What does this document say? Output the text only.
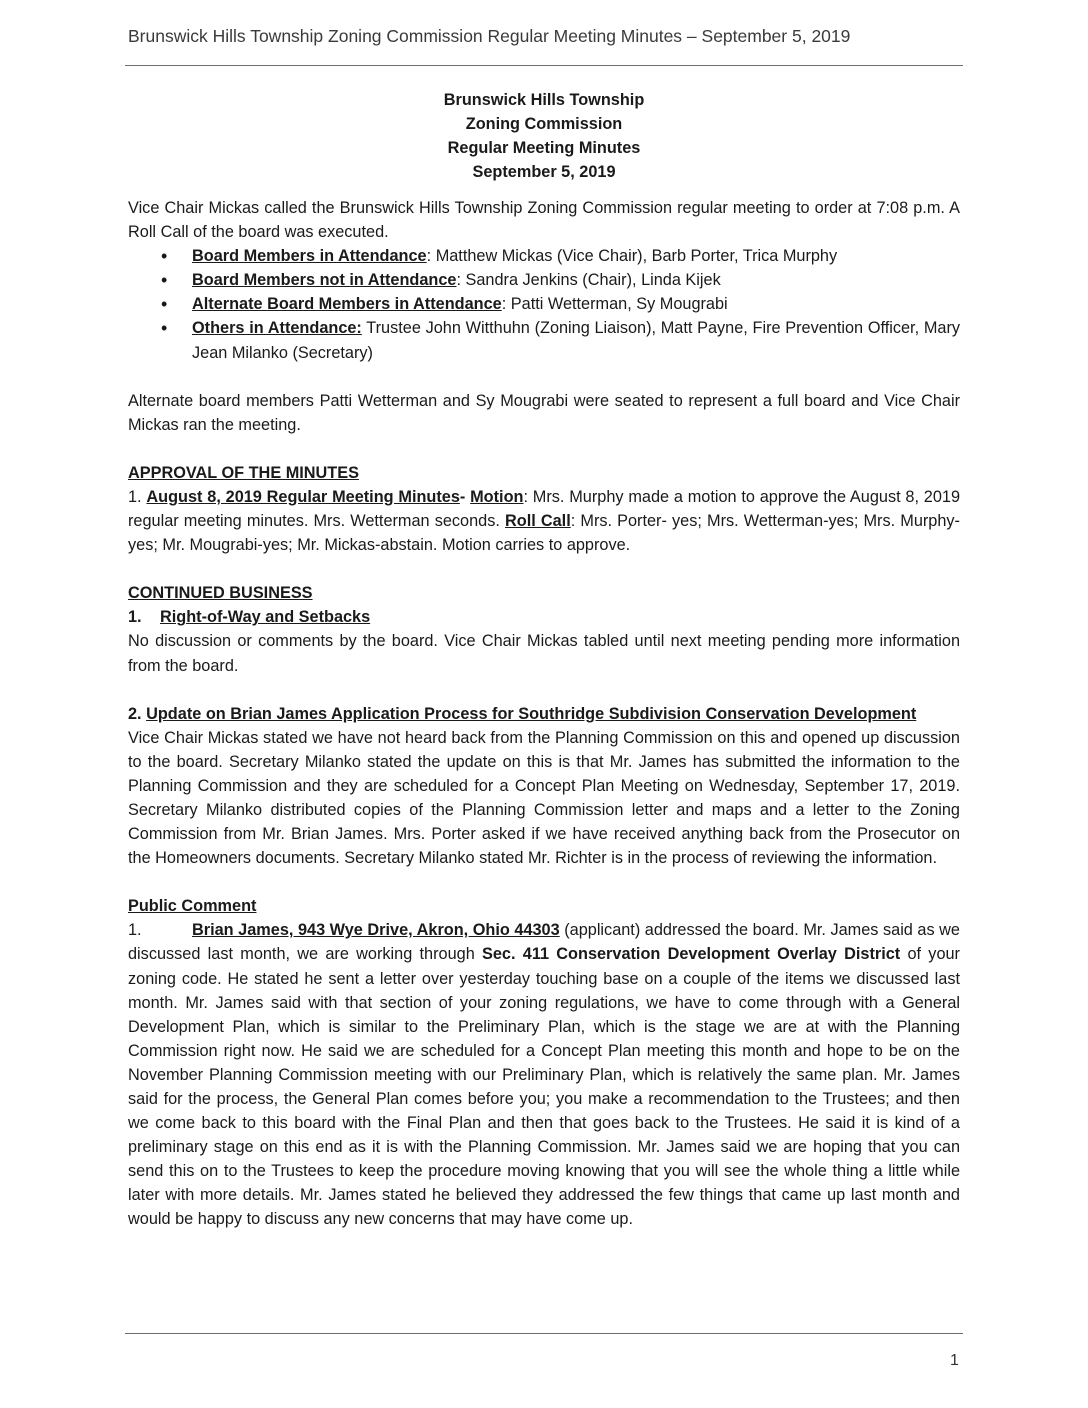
Brunswick Hills Township Zoning Commission Regular Meeting Minutes – September 5, 2019
Brunswick Hills Township
Zoning Commission
Regular Meeting Minutes
September 5, 2019

Vice Chair Mickas called the Brunswick Hills Township Zoning Commission regular meeting to order at 7:08 p.m. A Roll Call of the board was executed.

• Board Members in Attendance: Matthew Mickas (Vice Chair), Barb Porter, Trica Murphy
• Board Members not in Attendance: Sandra Jenkins (Chair), Linda Kijek
• Alternate Board Members in Attendance: Patti Wetterman, Sy Mougrabi
• Others in Attendance: Trustee John Witthuhn (Zoning Liaison), Matt Payne, Fire Prevention Officer, Mary Jean Milanko (Secretary)

Alternate board members Patti Wetterman and Sy Mougrabi were seated to represent a full board and Vice Chair Mickas ran the meeting.

APPROVAL OF THE MINUTES

1. August 8, 2019 Regular Meeting Minutes- Motion: Mrs. Murphy made a motion to approve the August 8, 2019 regular meeting minutes. Mrs. Wetterman seconds. Roll Call: Mrs. Porter- yes; Mrs. Wetterman-yes; Mrs. Murphy-yes; Mr. Mougrabi-yes; Mr. Mickas-abstain. Motion carries to approve.

CONTINUED BUSINESS

1. Right-of-Way and Setbacks

No discussion or comments by the board. Vice Chair Mickas tabled until next meeting pending more information from the board.

2. Update on Brian James Application Process for Southridge Subdivision Conservation Development

Vice Chair Mickas stated we have not heard back from the Planning Commission on this and opened up discussion to the board. Secretary Milanko stated the update on this is that Mr. James has submitted the information to the Planning Commission and they are scheduled for a Concept Plan Meeting on Wednesday, September 17, 2019. Secretary Milanko distributed copies of the Planning Commission letter and maps and a letter to the Zoning Commission from Mr. Brian James. Mrs. Porter asked if we have received anything back from the Prosecutor on the Homeowners documents. Secretary Milanko stated Mr. Richter is in the process of reviewing the information.

Public Comment

1.	Brian James, 943 Wye Drive, Akron, Ohio 44303 (applicant) addressed the board. Mr. James said as we discussed last month, we are working through Sec. 411 Conservation Development Overlay District of your zoning code. He stated he sent a letter over yesterday touching base on a couple of the items we discussed last month. Mr. James said with that section of your zoning regulations, we have to come through with a General Development Plan, which is similar to the Preliminary Plan, which is the stage we are at with the Planning Commission right now. He said we are scheduled for a Concept Plan meeting this month and hope to be on the November Planning Commission meeting with our Preliminary Plan, which is relatively the same plan. Mr. James said for the process, the General Plan comes before you; you make a recommendation to the Trustees; and then we come back to this board with the Final Plan and then that goes back to the Trustees. He said it is kind of a preliminary stage on this end as it is with the Planning Commission. Mr. James said we are hoping that you can send this on to the Trustees to keep the procedure moving knowing that you will see the whole thing a little while later with more details. Mr. James stated he believed they addressed the few things that came up last month and would be happy to discuss any new concerns that may have come up.

1
